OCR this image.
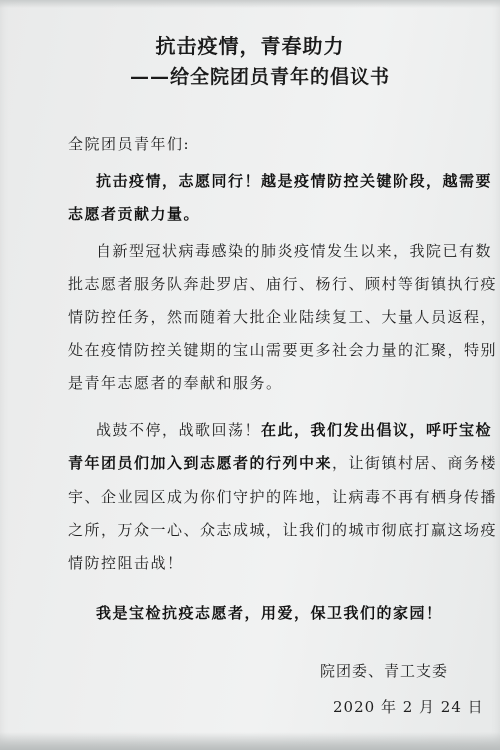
抗击疫情，青春助力
——给全院团员青年的倡议书
全院团员青年们:
抗击疫情，志愿同行！越是疫情防控关键阶段，越需要
志愿者贡献力量。
自新型冠状病毒感染的肺炎疫情发生以来，我院已有数
批志愿者服务队奔赴罗店、庙行、杨行、顾村等街镇执行疫
情防控任务，然而随着大批企业陆续复工、大量人员返程，
处在疫情防控关键期的宝山需要更多社会力量的汇聚，特别
是青年志愿者的奉献和服务。
战鼓不停，战歌回荡！在此，我们发出倡议，呼吁宝检
青年团员们加入到志愿者的行列中来，让街镇村居、商务楼
宇、企业园区成为你们守护的阵地，让病毒不再有栖身传播
之所，万众一心、众志成城，让我们的城市彻底打赢这场疫
情防控阻击战！
我是宝检抗疫志愿者，用爱，保卫我们的家园！
院团委、青工支委
2020 年 2 月 24 日
